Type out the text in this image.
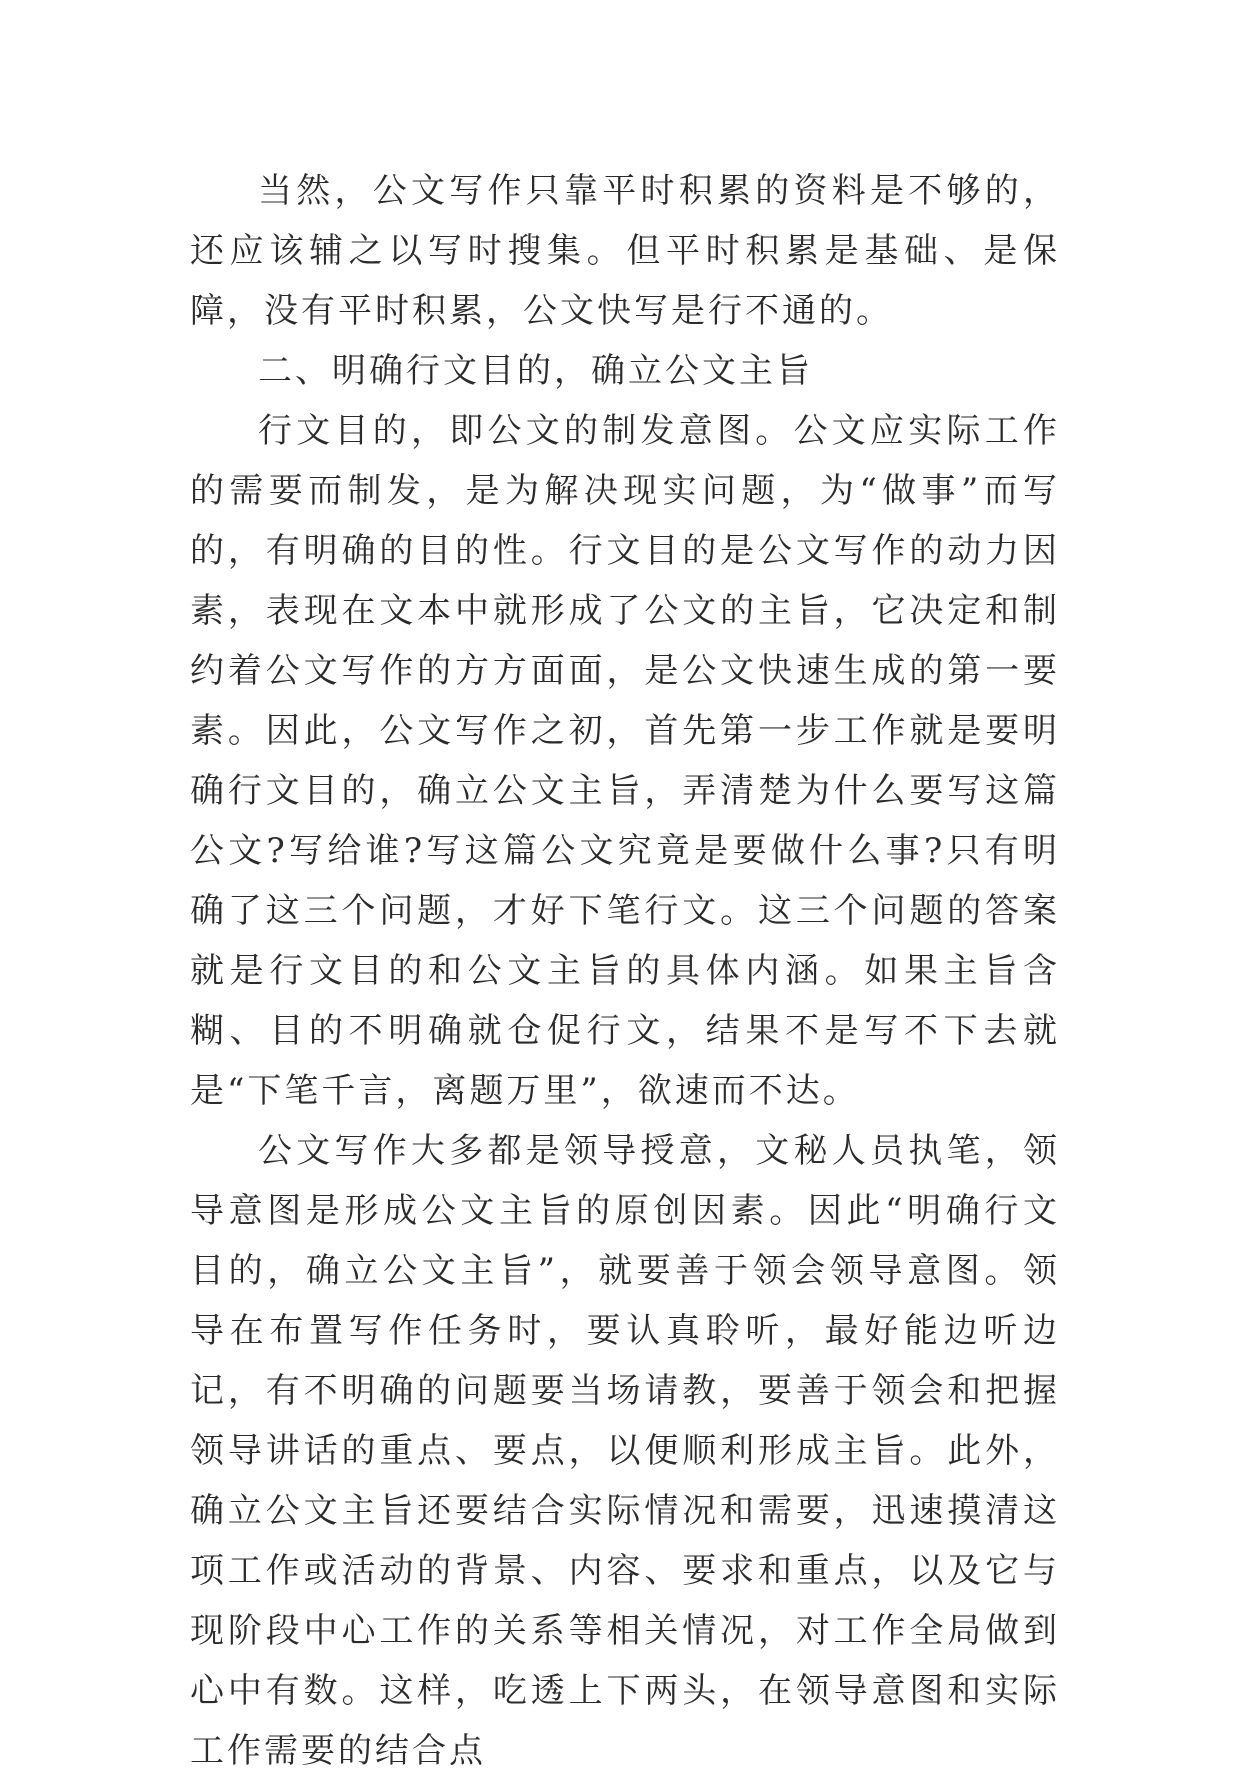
当然，公文写作只靠平时积累的资料是不够的，还应该辅之以写时搜集。但平时积累是基础、是保障，没有平时积累，公文快写是行不通的。

二、明确行文目的，确立公文主旨

行文目的，即公文的制发意图。公文应实际工作的需要而制发，是为解决现实问题，为“做事”而写的，有明确的目的性。行文目的是公文写作的动力因素，表现在文本中就形成了公文的主旨，它决定和制约着公文写作的方方面面，是公文快速生成的第一要素。因此，公文写作之初，首先第一步工作就是要明确行文目的，确立公文主旨，弄清楚为什么要写这篇公文?写给谁?写这篇公文究竟是要做什么事?只有明确了这三个问题，才好下笔行文。这三个问题的答案就是行文目的和公文主旨的具体内涵。如果主旨含糊、目的不明确就仓促行文，结果不是写不下去就是“下笔千言，离题万里”，欲速而不达。

公文写作大多都是领导授意，文秘人员执笔，领导意图是形成公文主旨的原创因素。因此“明确行文目的，确立公文主旨”，就要善于领会领导意图。领导在布置写作任务时，要认真聆听，最好能边听边记，有不明确的问题要当场请教，要善于领会和把握领导讲话的重点、要点，以便顺利形成主旨。此外，确立公文主旨还要结合实际情况和需要，迅速摸清这项工作或活动的背景、内容、要求和重点，以及它与现阶段中心工作的关系等相关情况，对工作全局做到心中有数。这样，吃透上下两头，在领导意图和实际工作需要的结合点
